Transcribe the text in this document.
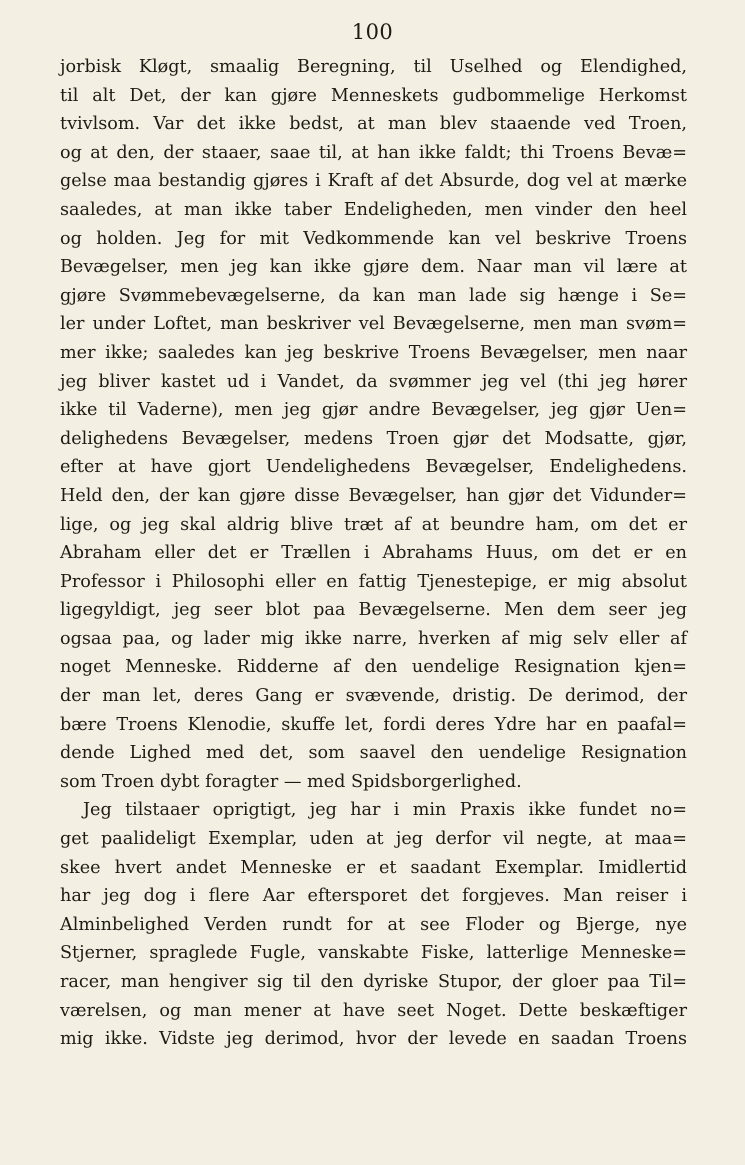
100
jorbisk Kløgt, smaalig Beregning, til Uselhed og Elendighed,
til alt Det, der kan gjøre Menneskets gudbommelige Herkomst
tvivlsom. Var det ikke bedst, at man blev staaende ved Troen,
og at den, der staaer, saae til, at han ikke faldt; thi Troens Bevæ=
gelse maa bestandig gjøres i Kraft af det Absurde, dog vel at mærke
saaledes, at man ikke taber Endeligheden, men vinder den heel
og holden. Jeg for mit Vedkommende kan vel beskrive Troens
Bevægelser, men jeg kan ikke gjøre dem. Naar man vil lære at
gjøre Svømmebevægelserne, da kan man lade sig hænge i Se=
ler under Loftet, man beskriver vel Bevægelserne, men man svøm=
mer ikke; saaledes kan jeg beskrive Troens Bevægelser, men naar
jeg bliver kastet ud i Vandet, da svømmer jeg vel (thi jeg hører
ikke til Vaderne), men jeg gjør andre Bevægelser, jeg gjør Uen=
delighedens Bevægelser, medens Troen gjør det Modsatte, gjør,
efter at have gjort Uendelighedens Bevægelser, Endelighedens.
Held den, der kan gjøre disse Bevægelser, han gjør det Vidunder=
lige, og jeg skal aldrig blive træt af at beundre ham, om det er
Abraham eller det er Trællen i Abrahams Huus, om det er en
Professor i Philosophi eller en fattig Tjenestepige, er mig absolut
ligegyldigt, jeg seer blot paa Bevægelserne. Men dem seer jeg
ogsaa paa, og lader mig ikke narre, hverken af mig selv eller af
noget Menneske. Ridderne af den uendelige Resignation kjen=
der man let, deres Gang er svævende, dristig. De derimod, der
bære Troens Klenodie, skuffe let, fordi deres Ydre har en paafal=
dende Lighed med det, som saavel den uendelige Resignation
som Troen dybt foragter — med Spidsborgerlighed.
Jeg tilstaaer oprigtigt, jeg har i min Praxis ikke fundet no=
get paalideligt Exemplar, uden at jeg derfor vil negte, at maa=
skee hvert andet Menneske er et saadant Exemplar. Imidlertid
har jeg dog i flere Aar eftersporet det forgjeves. Man reiser i
Alminbelighed Verden rundt for at see Floder og Bjerge, nye
Stjerner, spraglede Fugle, vanskabte Fiske, latterlige Menneske=
racer, man hengiver sig til den dyriske Stupor, der gloer paa Til=
værelsen, og man mener at have seet Noget. Dette beskæftiger
mig ikke. Vidste jeg derimod, hvor der levede en saadan Troens
